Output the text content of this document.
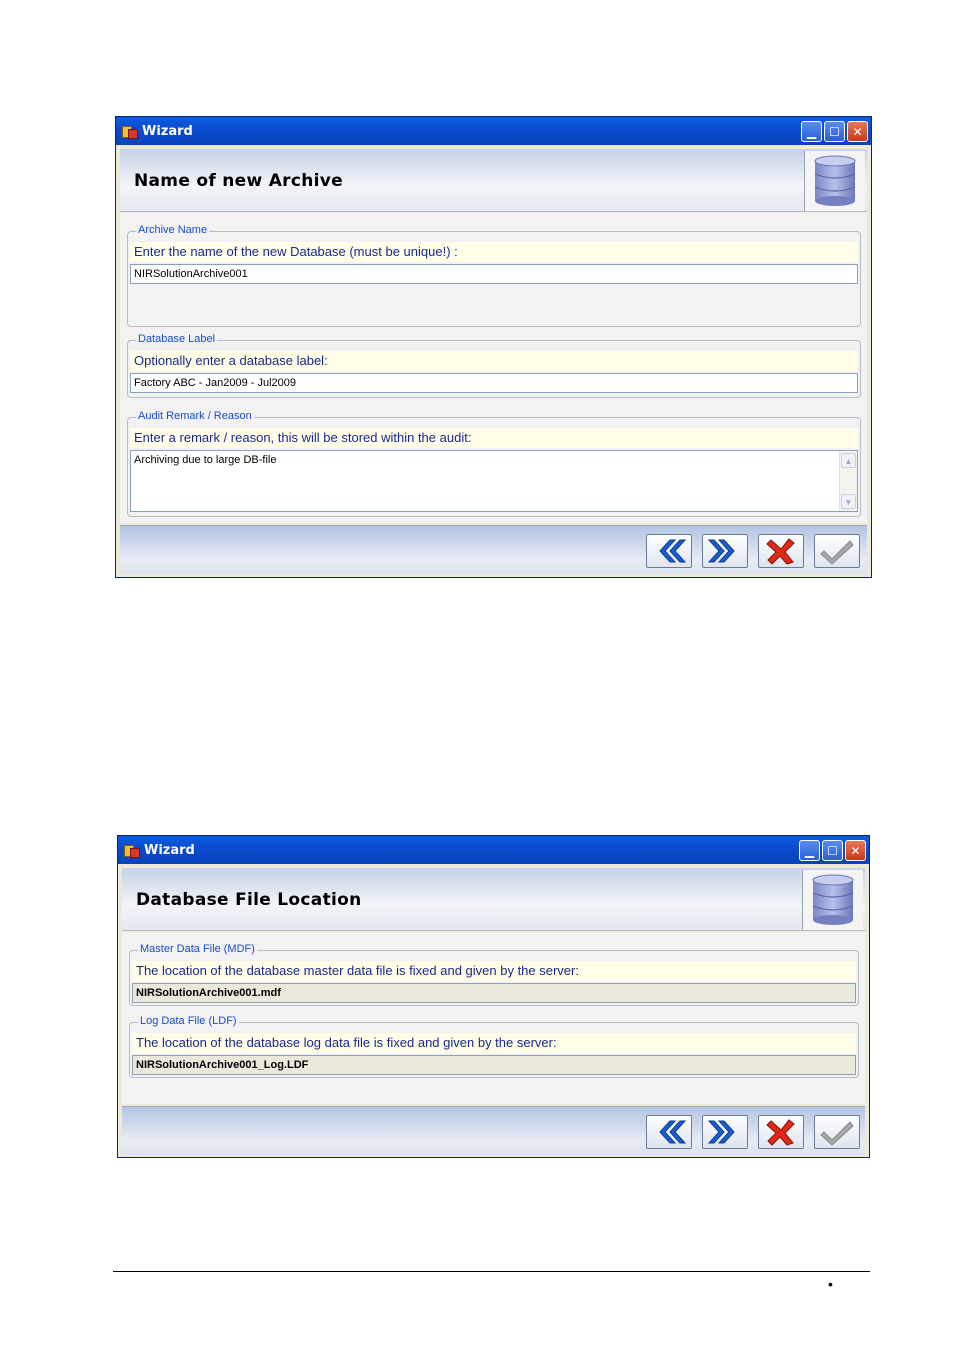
Wizard	▁ ☐ ✕
Name of new Archive
Archive Name
Enter the name of the new Database (must be unique!) :
NIRSolutionArchive001
Database Label
Optionally enter a database label:
Factory ABC - Jan2009 - Jul2009
Audit Remark / Reason
Enter a remark / reason, this will be stored within the audit:
Archiving due to large DB-file	▲
▼
Wizard	▁ ☐ ✕
Database File Location
Master Data File (MDF)
The location of the database master data file is fixed and given by the server:
NIRSolutionArchive001.mdf
Log Data File (LDF)
The location of the database log data file is fixed and given by the server:
NIRSolutionArchive001_Log.LDF
•
